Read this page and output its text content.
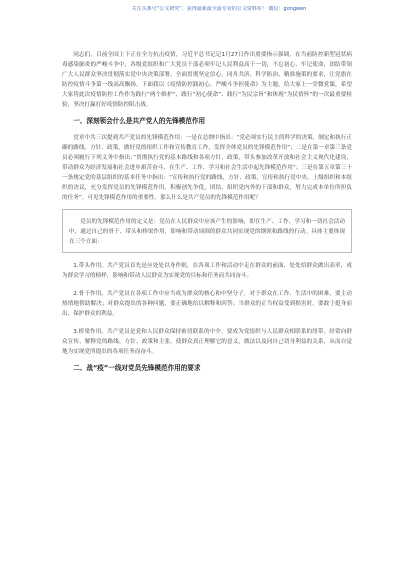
关注头条号“公文研究”，获得最新最全最专业的公文资料库！ 微信：gongwen

同志们，目前全国上下正在全力抗击疫情，习近平总书记记1月27日作出重要指示强调，在当前防控新型冠状病毒感染肺炎的严峻斗争中，各级党组织和广大党员干部必须牢记人民利益高于一切，不忘初心、牢记使命，团结带领广大人民群众坚决贯彻落实党中央决策部署，全面贯彻坚定信心，同舟共济、科学防治、精准施策的要求，让党旗在防控疫情斗争第一线高高飘扬。下面我以《疫情防控践初心，严峻斗争担使命》为主题，给大家上一堂微党课，希望大家将此次疫情防控工作作为践行“两个维护”、践行“初心使命”、践行“为民宗旨”和体现“为民情怀”的一次最重要检验，坚决打赢打好疫情防控阻击战。

一、深刻领会什么是共产党人的先锋模范作用

党章中共三次提到共产党员的先锋模范作用：一是在总纲中指出：“党必须实行民主的科学的决策，制定和执行正确的路线、方针、政策，做好党的组织工作和宣传教育工作，发挥全体党员的先锋模范作用”；二是在第一章第三条党员必须履行下列义务中指出：”贯彻执行党的基本路线和各项方针、政策，带头参加改革开放和社会主义现代化建设，带动群众为经济发展和社会进步艰苦奋斗，在生产、工作、学习和社会生活中起先锋模范作用”；三是在第五章第三十一条规定党的基层组织的基本任务中指出：“宣传和执行党的路线、方针、政策，宣传和执行党中央、上级组织和本组织的决议，充分发挥党员的先锋模范作用，积极创先争优，团结、组织党内外的干部和群众，努力完成本单位所担负的任务”。可见先锋模范作用的重要性。那么什么是共产党员的先锋模范作用呢？

党员的先锋模范作用的定义是：党员在人民群众中应该产生的影响，即在生产、工作、学习和一切社会活动中，通过自己的骨干、带头和桥梁作用，影响和带动周围的群众共同实现党的纲领和路线的行动。具体主要体现在三个方面：

1.带头作用。共产党员首先是应处处以身作则，在各项工作和活动中走在群众的前面，处处给群众做出表率，成为群众学习的榜样，影响和带动人民群众为实现党的目标和任务而共同奋斗。

2.骨干作用。共产党员在各项工作中应当成为群众的核心和中坚分子，对于群众在工作、生活中的困难，要主动热情地帮助解决；对群众提出的各种问题，要正确地给以解释和回答；当群众的正当权益受到损害时，要敢于挺身而出，保护群众的利益。

3.桥梁作用。共产党员是党和人民群众保持密切联系的中介，要成为党组织与人民群众相联系的纽带。经常向群众宣传、解释党的路线、方针、政策和主张，使群众真正理解它的意义，做法以及同自己切身利益的关系，从而自觉地为实现党所提出的各项任务而奋斗。

二、战“疫”一线对党员先锋模范作用的要求
